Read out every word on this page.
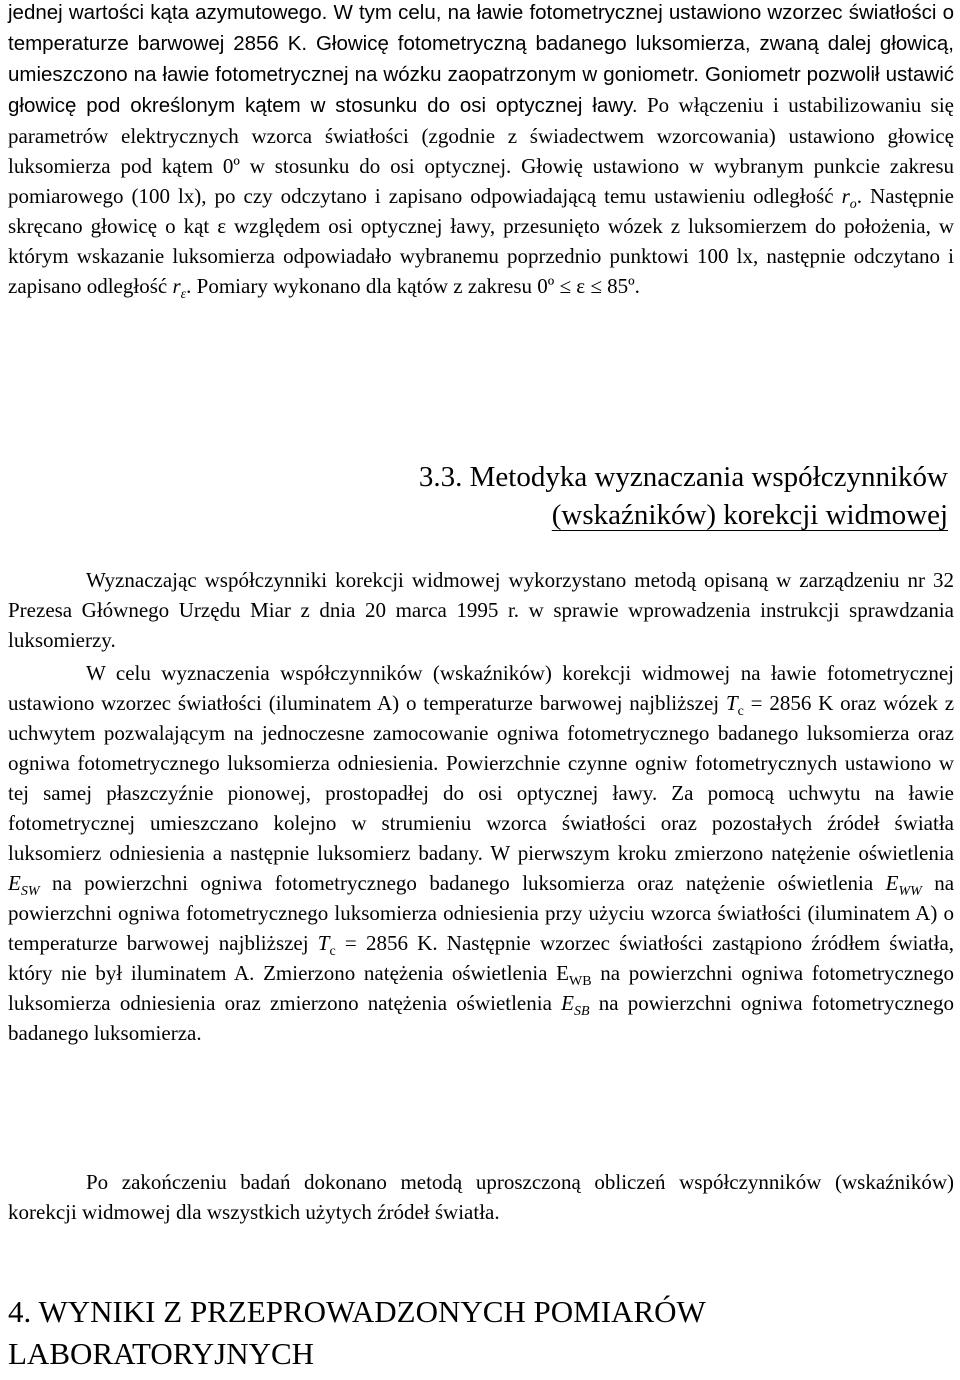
jednej wartości kąta azymutowego. W tym celu, na ławie fotometrycznej ustawiono wzorzec światłości o temperaturze barwowej 2856 K. Głowicę fotometryczną badanego luksomierza, zwaną dalej głowicą, umieszczono na ławie fotometrycznej na wózku zaopatrzonym w goniometr. Goniometr pozwolił ustawić głowicę pod określonym kątem w stosunku do osi optycznej ławy. Po włączeniu i ustabilizowaniu się parametrów elektrycznych wzorca światłości (zgodnie z świadectwem wzorcowania) ustawiono głowicę luksomierza pod kątem 0º w stosunku do osi optycznej. Głowię ustawiono w wybranym punkcie zakresu pomiarowego (100 lx), po czy odczytano i zapisano odpowiadającą temu ustawieniu odległość $r_o$. Następnie skręcano głowicę o kąt ε względem osi optycznej ławy, przesunięto wózek z luksomierzem do położenia, w którym wskazanie luksomierza odpowiadało wybranemu poprzednio punktowi 100 lx, następnie odczytano i zapisano odległość $r_\varepsilon$. Pomiary wykonano dla kątów z zakresu 0º ≤ ε ≤ 85º.

3.3. Metodyka wyznaczania współczynników
(wskaźników) korekcji widmowej

Wyznaczając współczynniki korekcji widmowej wykorzystano metodą opisaną w zarządzeniu nr 32 Prezesa Głównego Urzędu Miar z dnia 20 marca 1995 r. w sprawie wprowadzenia instrukcji sprawdzania luksomierzy.

W celu wyznaczenia współczynników (wskaźników) korekcji widmowej na ławie fotometrycznej ustawiono wzorzec światłości (iluminatem A) o temperaturze barwowej najbliższej $T_c = 2856$ K oraz wózek z uchwytem pozwalającym na jednoczesne zamocowanie ogniwa fotometrycznego badanego luksomierza oraz ogniwa fotometrycznego luksomierza odniesienia. Powierzchnie czynne ogniw fotometrycznych ustawiono w tej samej płaszczyźnie pionowej, prostopadłej do osi optycznej ławy. Za pomocą uchwytu na ławie fotometrycznej umieszczano kolejno w strumieniu wzorca światłości oraz pozostałych źródeł światła luksomierz odniesienia a następnie luksomierz badany. W pierwszym kroku zmierzono natężenie oświetlenia $E_{SW}$ na powierzchni ogniwa fotometrycznego badanego luksomierza oraz natężenie oświetlenia $E_{WW}$ na powierzchni ogniwa fotometrycznego luksomierza odniesienia przy użyciu wzorca światłości (iluminatem A) o temperaturze barwowej najbliższej $T_c = 2856$ K. Następnie wzorzec światłości zastąpiono źródłem światła, który nie był iluminatem A. Zmierzono natężenia oświetlenia $E_{WB}$ na powierzchni ogniwa fotometrycznego luksomierza odniesienia oraz zmierzono natężenia oświetlenia $E_{SB}$ na powierzchni ogniwa fotometrycznego badanego luksomierza.

Po zakończeniu badań dokonano metodą uproszczoną obliczeń współczynników (wskaźników) korekcji widmowej dla wszystkich użytych źródeł światła.

4. WYNIKI Z PRZEPROWADZONYCH POMIARÓW
LABORATORYJNYCH
